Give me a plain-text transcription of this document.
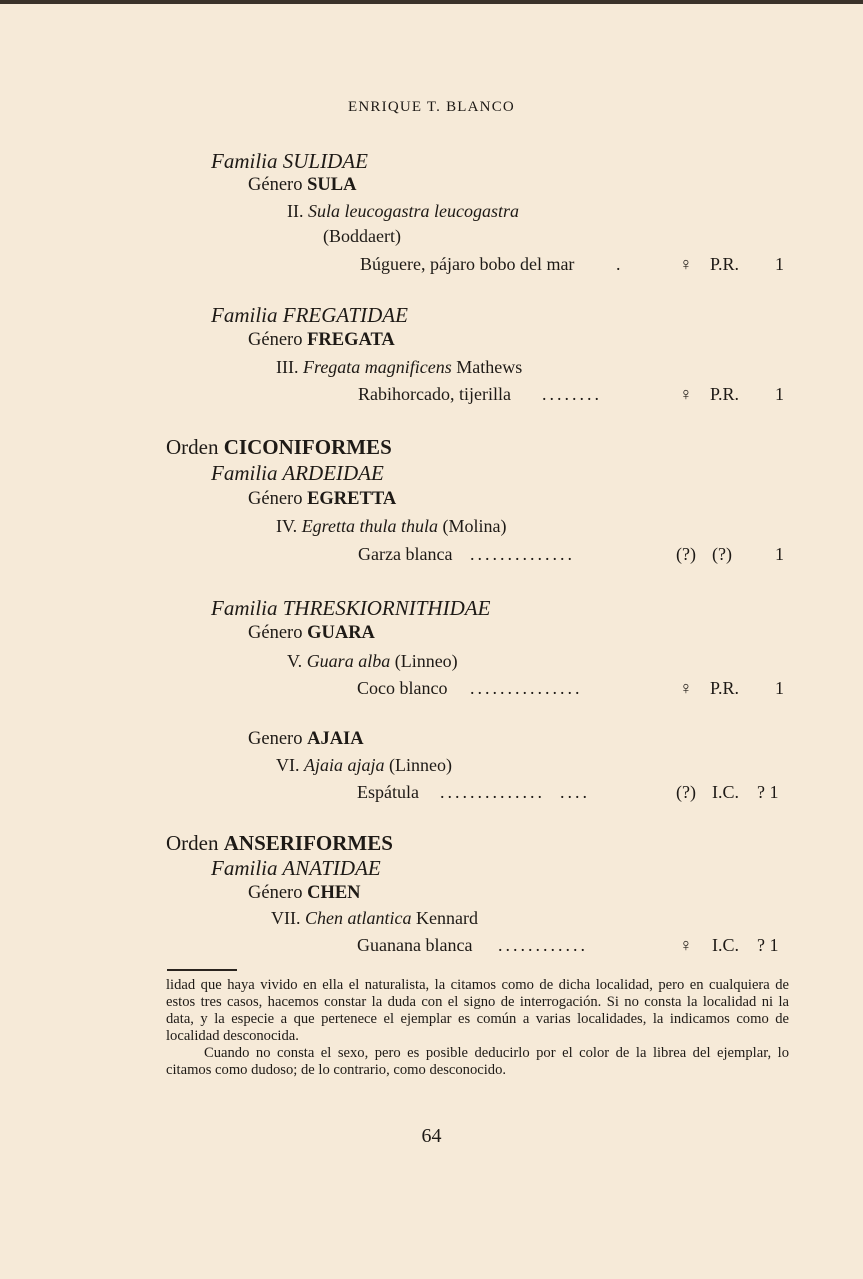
ENRIQUE T. BLANCO
Familia SULIDAE
Género SULA
II. Sula leucogastra leucogastra
(Boddaert)
Búguere, pájaro bobo del mar .	♀ P.R. 1
Familia FREGATIDAE
Género FREGATA
III. Fregata magnificens Mathews
Rabihorcado, tijerilla ........	♀ P.R. 1
Orden CICONIFORMES
Familia ARDEIDAE
Género EGRETTA
IV. Egretta thula thula (Molina)
Garza blanca ..............	(?) (?) 1
Familia THRESKIORNITHIDAE
Género GUARA
V. Guara alba (Linneo)
Coco blanco ...............	♀ P.R. 1
Genero AJAIA
VI. Ajaia ajaja (Linneo)
Espátula ..............  ....	(?) I.C. ? 1
Orden ANSERIFORMES
Familia ANATIDAE
Género CHEN
VII. Chen atlantica Kennard
Guanana blanca ............	♀	I.C. ? 1

lidad que haya vivido en ella el naturalista, la citamos como de dicha localidad, pero en cualquiera de estos tres casos, hacemos constar la duda con el signo de interrogación. Si no consta la localidad ni la data, y la especie a que pertenece el ejemplar es común a varias localidades, la indicamos como de localidad desconocida.

Cuando no consta el sexo, pero es posible deducirlo por el color de la librea del ejemplar, lo citamos como dudoso; de lo contrario, como desconocido.

64
